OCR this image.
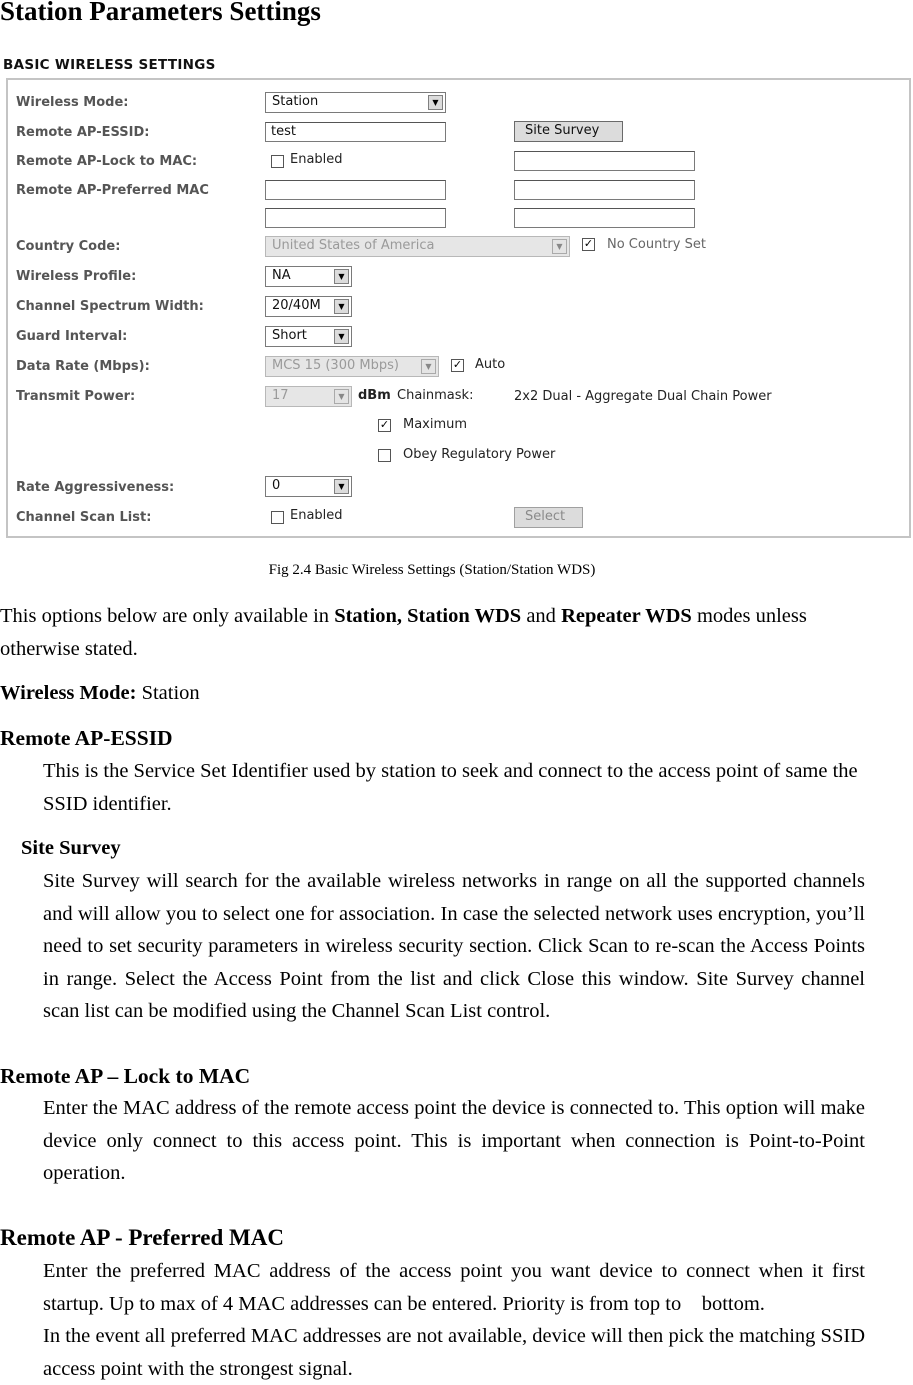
Station Parameters Settings
BASIC WIRELESS SETTINGS
Wireless Mode:	Station	▼
Remote AP-ESSID:	test	Site Survey
Remote AP-Lock to MAC:	Enabled
Remote AP-Preferred MAC
Country Code:	United States of America	▼	✓ No Country Set
Wireless Profile:	NA	▼
Channel Spectrum Width:	20/40M	▼
Guard Interval:	Short	▼
Data Rate (Mbps):	MCS 15 (300 Mbps)	▼	✓ Auto
Transmit Power:	17	▼	dBm Chainmask:	2x2 Dual - Aggregate Dual Chain Power
✓ Maximum
Obey Regulatory Power
Rate Aggressiveness:	0	▼
Channel Scan List:	Enabled	Select
Fig 2.4 Basic Wireless Settings (Station/Station WDS)
This options below are only available in Station, Station WDS and Repeater WDS modes unless otherwise stated.
Wireless Mode: Station
Remote AP-ESSID
This is the Service Set Identifier used by station to seek and connect to the access point of same the SSID identifier.
Site Survey
Site Survey will search for the available wireless networks in range on all the supported channels and will allow you to select one for association. In case the selected network uses encryption, you’ll need to set security parameters in wireless security section. Click Scan to re-scan the Access Points in range. Select the Access Point from the list and click Close this window. Site Survey channel scan list can be modified using the Channel Scan List control.
Remote AP – Lock to MAC
Enter the MAC address of the remote access point the device is connected to. This option will make device only connect to this access point. This is important when connection is Point-to-Point operation.
Remote AP - Preferred MAC
Enter the preferred MAC address of the access point you want device to connect when it first startup. Up to max of 4 MAC addresses can be entered. Priority is from top to    bottom.
In the event all preferred MAC addresses are not available, device will then pick the matching SSID access point with the strongest signal.
